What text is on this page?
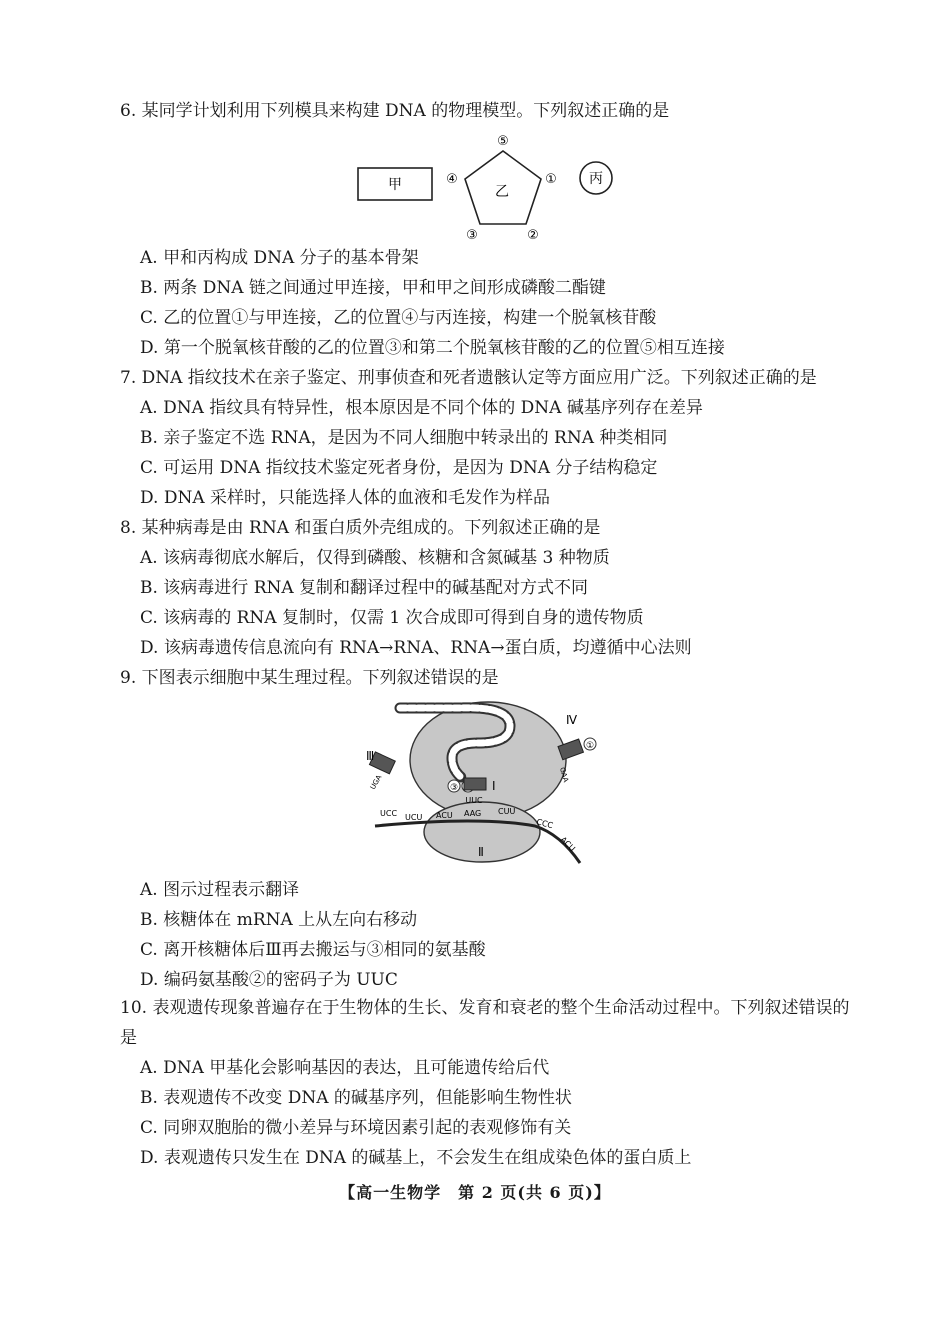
6. 某同学计划利用下列模具来构建 DNA 的物理模型。下列叙述正确的是
甲	乙
丙
⑤
④	①
③	②
A. 甲和丙构成 DNA 分子的基本骨架
B. 两条 DNA 链之间通过甲连接，甲和甲之间形成磷酸二酯键
C. 乙的位置①与甲连接，乙的位置④与丙连接，构建一个脱氧核苷酸
D. 第一个脱氧核苷酸的乙的位置③和第二个脱氧核苷酸的乙的位置⑤相互连接
7. DNA 指纹技术在亲子鉴定、刑事侦查和死者遗骸认定等方面应用广泛。下列叙述正确的是
A. DNA 指纹具有特异性，根本原因是不同个体的 DNA 碱基序列存在差异
B. 亲子鉴定不选 RNA，是因为不同人细胞中转录出的 RNA 种类相同
C. 可运用 DNA 指纹技术鉴定死者身份，是因为 DNA 分子结构稳定
D. DNA 采样时，只能选择人体的血液和毛发作为样品
8. 某种病毒是由 RNA 和蛋白质外壳组成的。下列叙述正确的是
A. 该病毒彻底水解后，仅得到磷酸、核糖和含氮碱基 3 种物质
B. 该病毒进行 RNA 复制和翻译过程中的碱基配对方式不同
C. 该病毒的 RNA 复制时，仅需 1 次合成即可得到自身的遗传物质
D. 该病毒遗传信息流向有 RNA→RNA、RNA→蛋白质，均遵循中心法则
9. 下图表示细胞中某生理过程。下列叙述错误的是
③	Ⅰ
UUC
Ⅲ
UGA
①
Ⅳ
GAA
UCC UCU ACU AAG CUU
CCC
ACU
Ⅱ
A. 图示过程表示翻译
B. 核糖体在 mRNA 上从左向右移动
C. 离开核糖体后Ⅲ再去搬运与③相同的氨基酸
D. 编码氨基酸②的密码子为 UUC
10. 表观遗传现象普遍存在于生物体的生长、发育和衰老的整个生命活动过程中。下列叙述错误的是
A. DNA 甲基化会影响基因的表达，且可能遗传给后代
B. 表观遗传不改变 DNA 的碱基序列，但能影响生物性状
C. 同卵双胞胎的微小差异与环境因素引起的表观修饰有关
D. 表观遗传只发生在 DNA 的碱基上，不会发生在组成染色体的蛋白质上
【高一生物学　第 2 页(共 6 页)】
